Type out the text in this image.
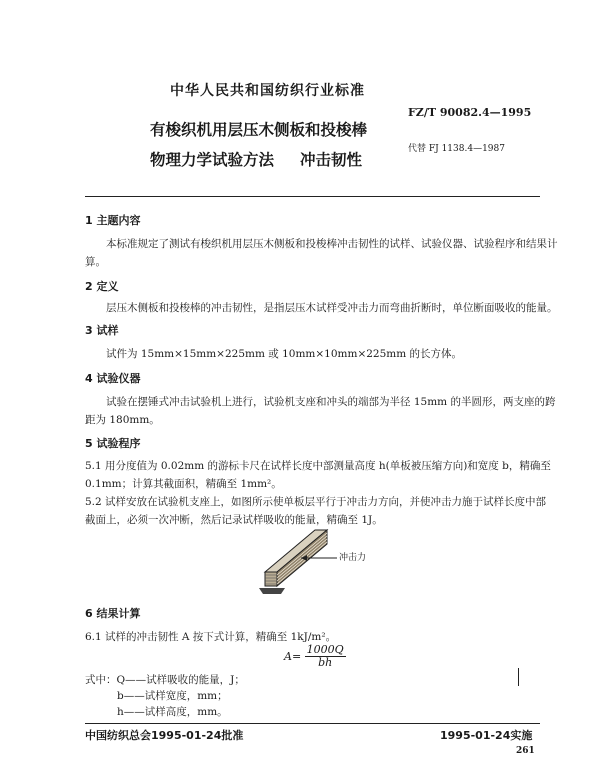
中华人民共和国纺织行业标准
FZ/T 90082.4—1995
有梭织机用层压木侧板和投梭棒
物理力学试验方法 冲击韧性
代替 FJ 1138.4—1987
1 主题内容
本标准规定了测试有梭织机用层压木侧板和投梭棒冲击韧性的试样、试验仪器、试验程序和结果计
算。
2 定义
层压木侧板和投梭棒的冲击韧性，是指层压木试样受冲击力而弯曲折断时，单位断面吸收的能量。
3 试样
试件为 15mm×15mm×225mm 或 10mm×10mm×225mm 的长方体。
4 试验仪器
试验在摆锤式冲击试验机上进行，试验机支座和冲头的端部为半径 15mm 的半圆形，两支座的跨
距为 180mm。
5 试验程序
5.1 用分度值为 0.02mm 的游标卡尺在试样长度中部测量高度 h(单板被压缩方向)和宽度 b，精确至
0.1mm；计算其截面积，精确至 1mm²。
5.2 试样安放在试验机支座上，如图所示使单板层平行于冲击力方向，并使冲击力施于试样长度中部
截面上，必须一次冲断，然后记录试样吸收的能量，精确至 1J。
冲击力
6 结果计算
6.1 试样的冲击韧性 A 按下式计算，精确至 1kJ/m²。
$A= \frac{1000Q}{bh}$
式中：Q——试样吸收的能量，J；
b——试样宽度，mm；
h——试样高度，mm。
中国纺织总会1995-01-24批准	1995-01-24实施
261
